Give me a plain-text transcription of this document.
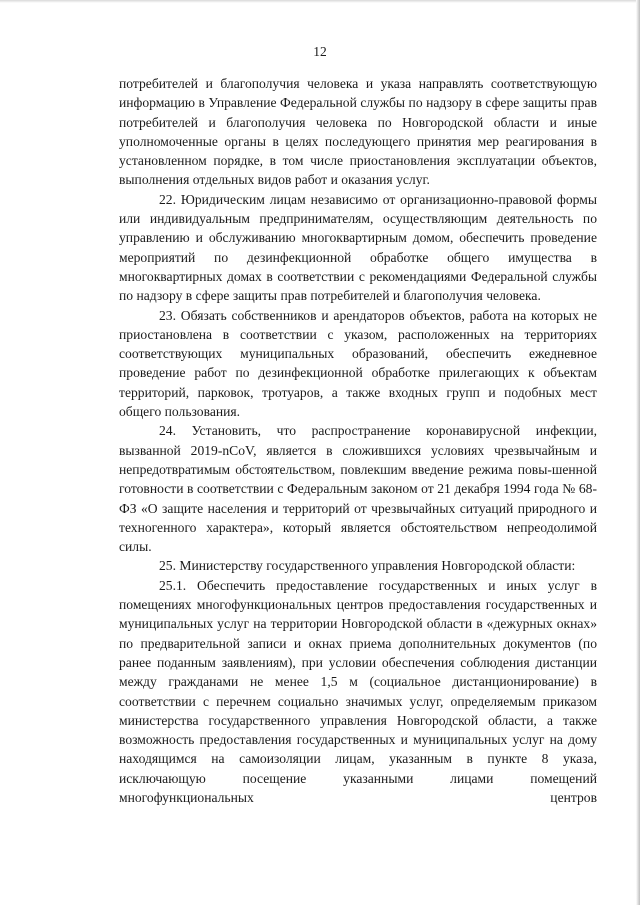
12

потребителей и благополучия человека и указа направлять соответствующую информацию в Управление Федеральной службы по надзору в сфере защиты прав потребителей и благополучия человека по Новгородской области и иные уполномоченные органы в целях последующего принятия мер реагирования в установленном порядке, в том числе приостановления эксплуатации объектов, выполнения отдельных видов работ и оказания услуг.

22. Юридическим лицам независимо от организационно-правовой формы или индивидуальным предпринимателям, осуществляющим деятельность по управлению и обслуживанию многоквартирным домом, обеспечить проведение мероприятий по дезинфекционной обработке общего имущества в многоквартирных домах в соответствии с рекомендациями Федеральной службы по надзору в сфере защиты прав потребителей и благополучия человека.

23. Обязать собственников и арендаторов объектов, работа на которых не приостановлена в соответствии с указом, расположенных на территориях соответствующих муниципальных образований, обеспечить ежедневное проведение работ по дезинфекционной обработке прилегающих к объектам территорий, парковок, тротуаров, а также входных групп и подобных мест общего пользования.

24. Установить, что распространение коронавирусной инфекции, вызванной 2019-nCoV, является в сложившихся условиях чрезвычайным и непредотвратимым обстоятельством, повлекшим введение режима повы-шенной готовности в соответствии с Федеральным законом от 21 декабря 1994 года № 68-ФЗ «О защите населения и территорий от чрезвычайных ситуаций природного и техногенного характера», который является обстоятельством непреодолимой силы.

25. Министерству государственного управления Новгородской области:

25.1. Обеспечить предоставление государственных и иных услуг в помещениях многофункциональных центров предоставления государственных и муниципальных услуг на территории Новгородской области в «дежурных окнах» по предварительной записи и окнах приема дополнительных документов (по ранее поданным заявлениям), при условии обеспечения соблюдения дистанции между гражданами не менее 1,5 м (социальное дистанционирование) в соответствии с перечнем социально значимых услуг, определяемым приказом министерства государственного управления Новгородской области, а также возможность предоставления государственных и муниципальных услуг на дому находящимся на самоизоляции лицам, указанным в пункте 8 указа, исключающую посещение указанными лицами помещений многофункциональных центров
